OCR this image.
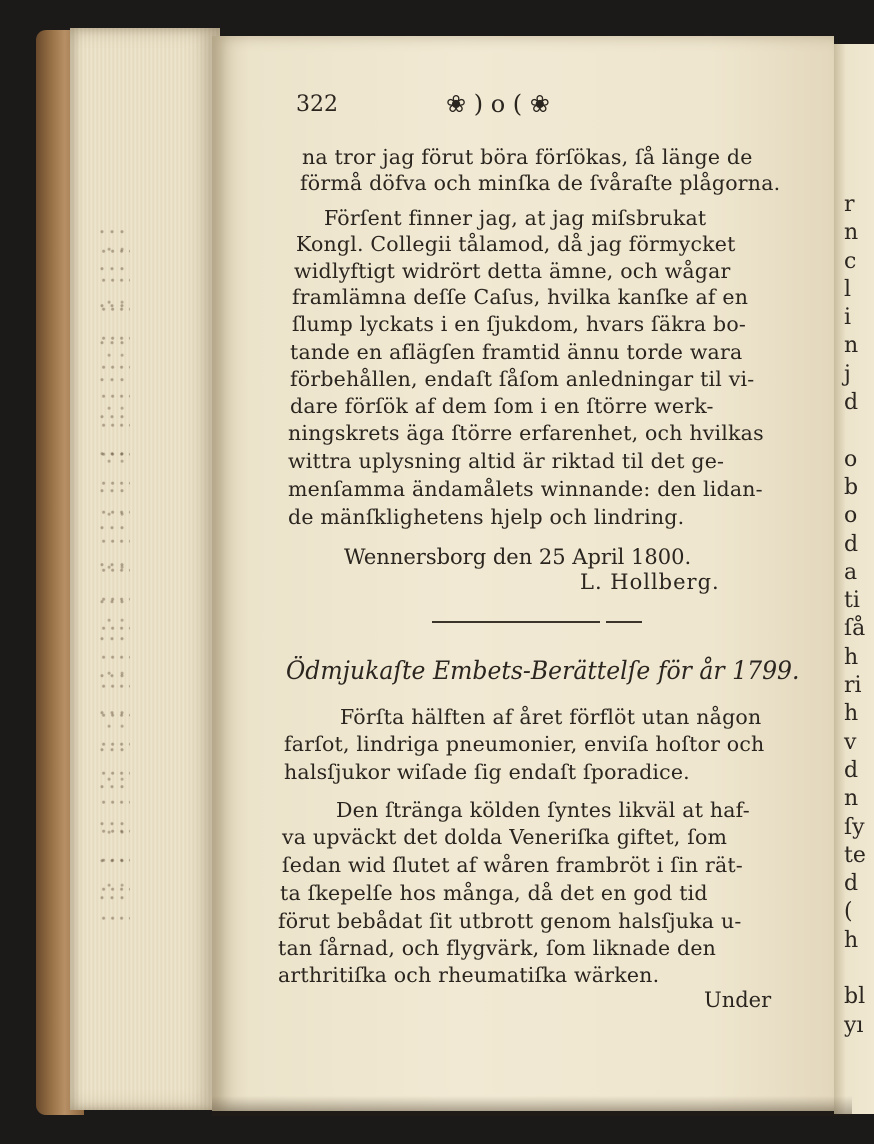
r
n
c
l
i
n
j
d
o
b
o
d
a
ti
ſå
h
ri
h
v
d
n
ſy
te
d
(
h
bl
yı
322	❀ ) o ( ❀
na tror jag förut böra förſökas, ſå länge de
förmå döfva och minſka de ſvåraſte plågorna.
Förſent finner jag, at jag miſsbrukat
Kongl. Collegii tålamod, då jag förmycket
widlyftigt widrört detta ämne, och wågar
framlämna deſſe Caſus, hvilka kanſke af en
ſlump lyckats i en ſjukdom, hvars ſäkra bo-
tande en aflägſen framtid ännu torde wara
förbehållen, endaſt ſåſom anledningar til vi-
dare förſök af dem ſom i en ſtörre werk-
ningskrets äga ſtörre erfarenhet, och hvilkas
wittra uplysning altid är riktad til det ge-
menſamma ändamålets winnande: den lidan-
de mänſklighetens hjelp och lindring.
Wennersborg den 25 April 1800.
L. Hollberg.
Ödmjukaſte Embets-Berättelſe för år 1799.
Förſta hälften af året förflöt utan någon
farſot, lindriga pneumonier, enviſa hoſtor och
halsſjukor wiſade ſig endaſt ſporadice.
Den ſtränga kölden ſyntes likväl at haf-
va upväckt det dolda Veneriſka giftet, ſom
ſedan wid ſlutet af wåren frambröt i ſin rät-
ta ſkepelſe hos många, då det en god tid
förut bebådat ſit utbrott genom halsſjuka u-
tan ſårnad, och flygvärk, ſom liknade den
arthritiſka och rheumatiſka wärken.
Under
